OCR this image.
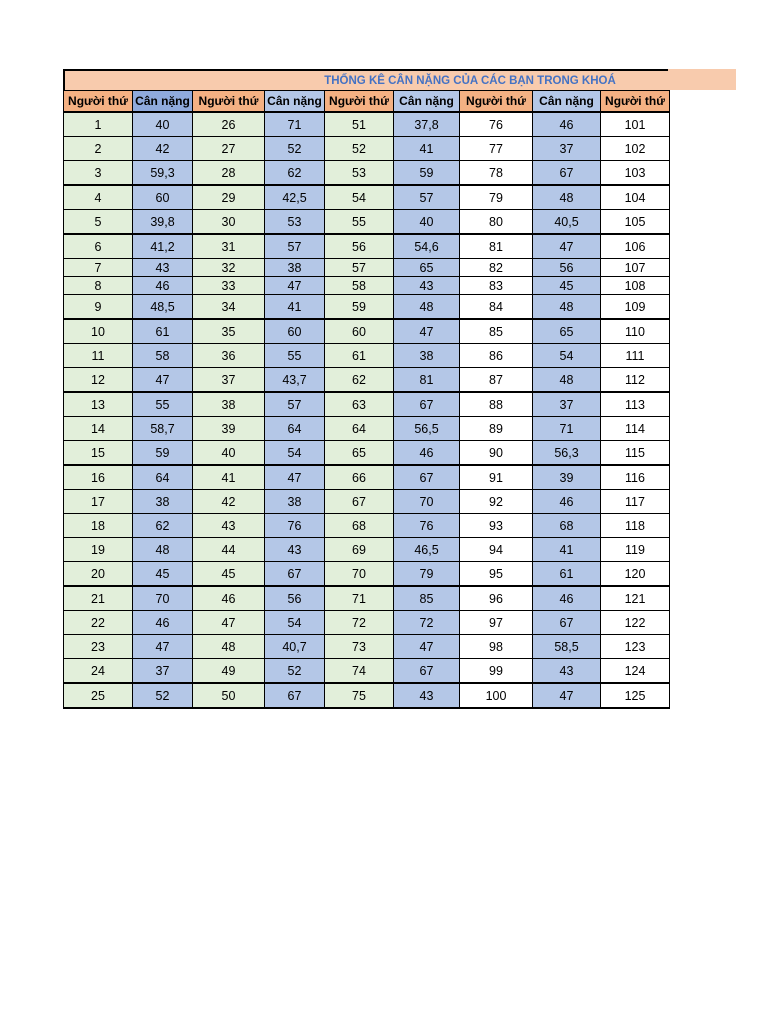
THỐNG KÊ CÂN NẶNG CỦA CÁC BẠN TRONG KHOÁ
Người thứ	Cân nặng	Người thứ	Cân nặng	Người thứ	Cân nặng	Người thứ	Cân nặng	Người thứ
1	40	26	71	51	37,8	76	46	101
2	42	27	52	52	41	77	37	102
3	59,3	28	62	53	59	78	67	103
4	60	29	42,5	54	57	79	48	104
5	39,8	30	53	55	40	80	40,5	105
6	41,2	31	57	56	54,6	81	47	106
7	43	32	38	57	65	82	56	107
8	46	33	47	58	43	83	45	108
9	48,5	34	41	59	48	84	48	109
10	61	35	60	60	47	85	65	110
11	58	36	55	61	38	86	54	111
12	47	37	43,7	62	81	87	48	112
13	55	38	57	63	67	88	37	113
14	58,7	39	64	64	56,5	89	71	114
15	59	40	54	65	46	90	56,3	115
16	64	41	47	66	67	91	39	116
17	38	42	38	67	70	92	46	117
18	62	43	76	68	76	93	68	118
19	48	44	43	69	46,5	94	41	119
20	45	45	67	70	79	95	61	120
21	70	46	56	71	85	96	46	121
22	46	47	54	72	72	97	67	122
23	47	48	40,7	73	47	98	58,5	123
24	37	49	52	74	67	99	43	124
25	52	50	67	75	43	100	47	125
